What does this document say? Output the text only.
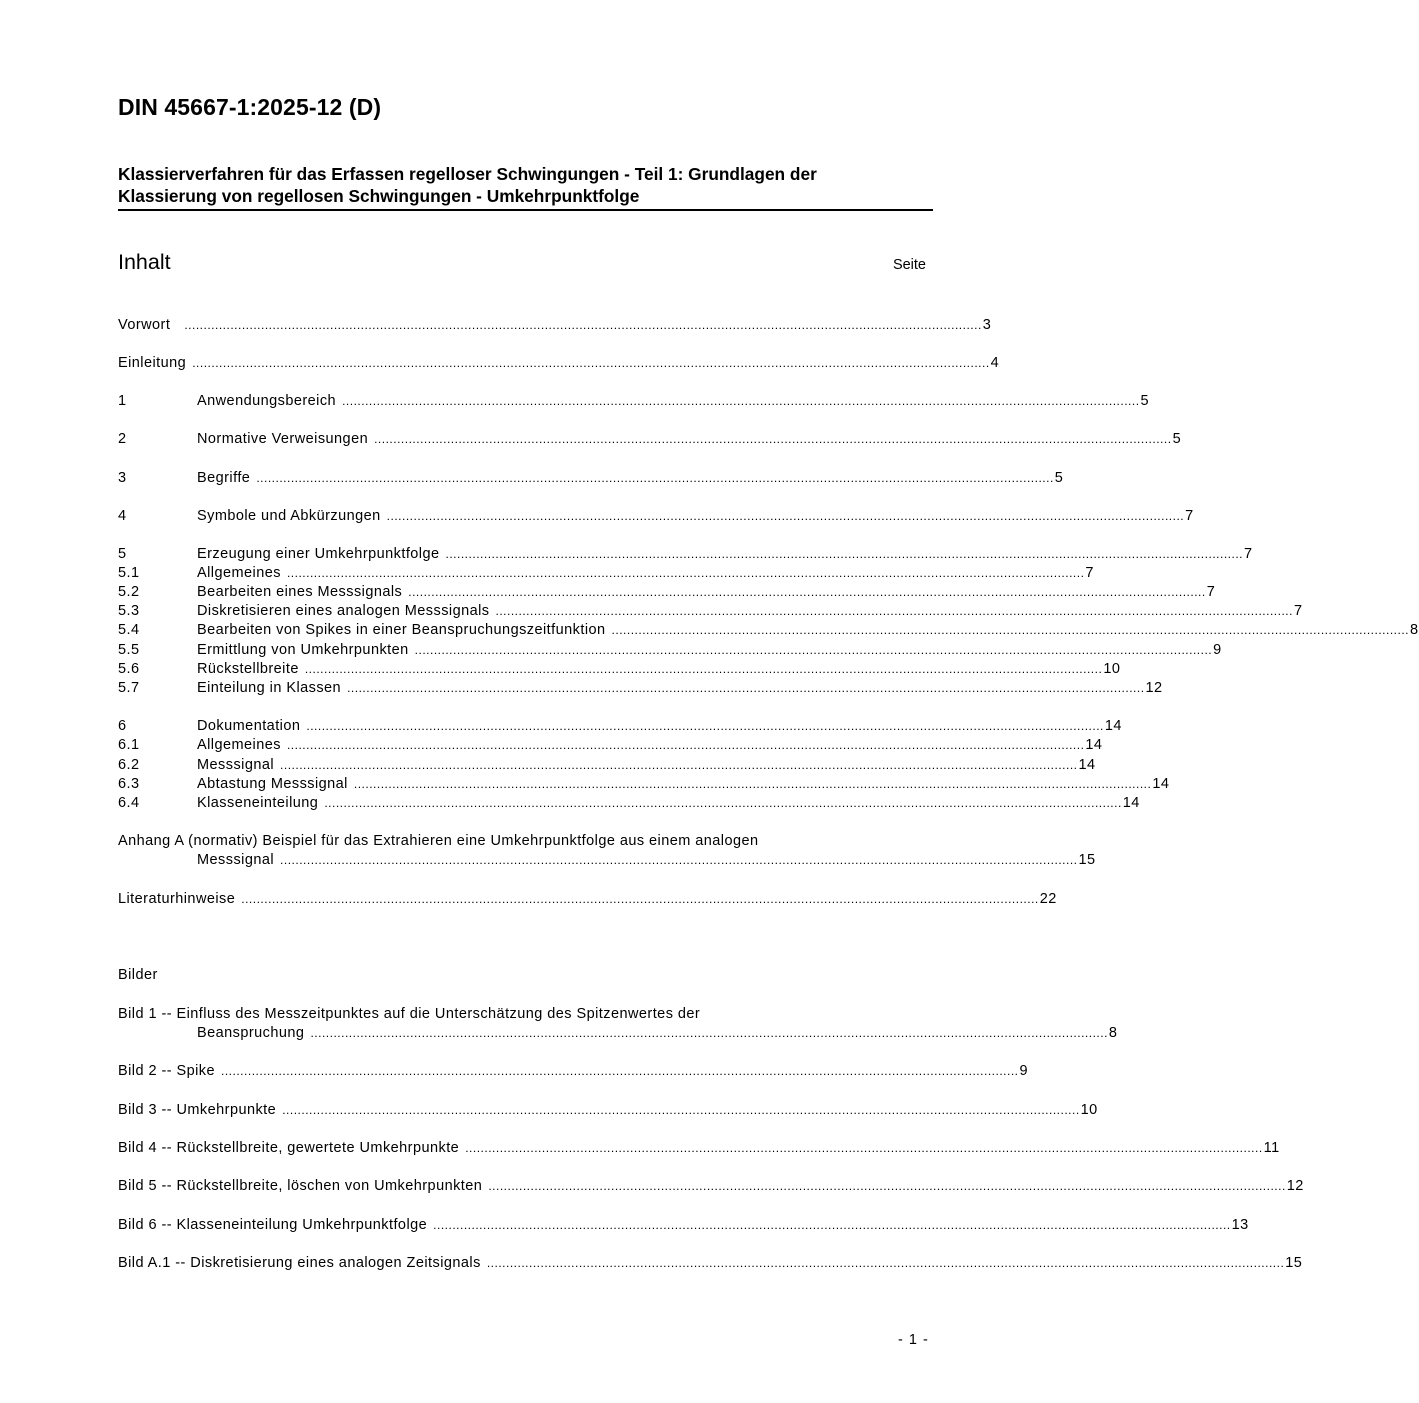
DIN 45667-1:2025-12 (D)
Klassierverfahren für das Erfassen regelloser Schwingungen - Teil 1: Grundlagen der
Klassierung von regellosen Schwingungen - Umkehrpunktfolge
Inhalt	Seite
Vorwort	................................................................................................................................................................................................................ 3
Einleitung ................................................................................................................................................................................................................ 4
1	Anwendungsbereich ................................................................................................................................................................................................................ 5
2	Normative Verweisungen ................................................................................................................................................................................................................ 5
3	Begriffe ................................................................................................................................................................................................................ 5
4	Symbole und Abkürzungen ................................................................................................................................................................................................................ 7
5	Erzeugung einer Umkehrpunktfolge ................................................................................................................................................................................................................ 7
5.1	Allgemeines ................................................................................................................................................................................................................ 7
5.2	Bearbeiten eines Messsignals ................................................................................................................................................................................................................ 7
5.3	Diskretisieren eines analogen Messsignals ................................................................................................................................................................................................................ 7
5.4	Bearbeiten von Spikes in einer Beanspruchungszeitfunktion ................................................................................................................................................................................................................ 8
5.5	Ermittlung von Umkehrpunkten ................................................................................................................................................................................................................ 9
5.6	Rückstellbreite ................................................................................................................................................................................................................ 10
5.7	Einteilung in Klassen ................................................................................................................................................................................................................ 12
6	Dokumentation ................................................................................................................................................................................................................ 14
6.1	Allgemeines ................................................................................................................................................................................................................ 14
6.2	Messsignal ................................................................................................................................................................................................................ 14
6.3	Abtastung Messsignal ................................................................................................................................................................................................................ 14
6.4	Klasseneinteilung ................................................................................................................................................................................................................ 14
Anhang A (normativ) Beispiel für das Extrahieren eine Umkehrpunktfolge aus einem analogen
Messsignal ................................................................................................................................................................................................................ 15
Literaturhinweise ................................................................................................................................................................................................................ 22
Bilder
Bild 1 -- Einfluss des Messzeitpunktes auf die Unterschätzung des Spitzenwertes der
Beanspruchung ................................................................................................................................................................................................................ 8
Bild 2 -- Spike ................................................................................................................................................................................................................ 9
Bild 3 -- Umkehrpunkte ................................................................................................................................................................................................................ 10
Bild 4 -- Rückstellbreite, gewertete Umkehrpunkte ................................................................................................................................................................................................................ 11
Bild 5 -- Rückstellbreite, löschen von Umkehrpunkten ................................................................................................................................................................................................................ 12
Bild 6 -- Klasseneinteilung Umkehrpunktfolge ................................................................................................................................................................................................................ 13
Bild A.1 -- Diskretisierung eines analogen Zeitsignals ................................................................................................................................................................................................................ 15
- 1 -
